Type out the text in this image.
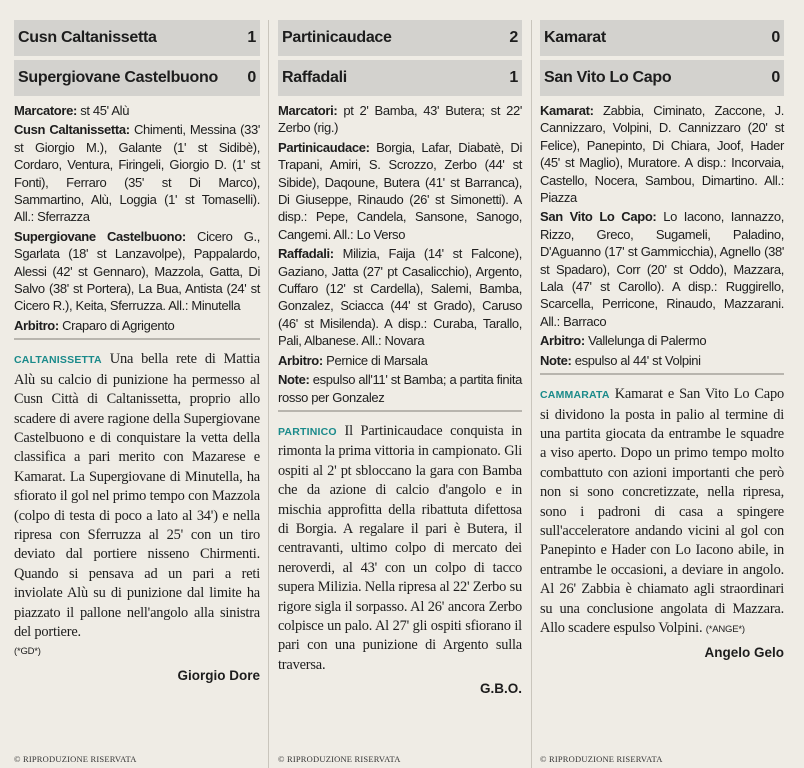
Cusn Caltanissetta	1
Supergiovane Castelbuono 0

Marcatore: st 45' Alù

Cusn Caltanissetta: Chimenti, Messina (33' st Giorgio M.), Galante (1' st Sidibè), Cordaro, Ventura, Firingeli, Giorgio D. (1' st Fonti), Ferraro (35' st Di Marco), Sammartino, Alù, Loggia (1' st Tomaselli). All.: Sferrazza

Supergiovane Castelbuono: Cicero G., Sgarlata (18' st Lanzavolpe), Pappalardo, Alessi (42' st Gennaro), Mazzola, Gatta, Di Salvo (38' st Portera), La Bua, Antista (24' st Cicero R.), Keita, Sferruzza. All.: Minutella

Arbitro: Craparo di Agrigento

CALTANISSETTA Una bella rete di Mattia Alù su calcio di punizione ha permesso al Cusn Città di Caltanissetta, proprio allo scadere di avere ragione della Supergiovane Castelbuono e di conquistare la vetta della classifica a pari merito con Mazarese e Kamarat. La Supergiovane di Minutella, ha sfiorato il gol nel primo tempo con Mazzola (colpo di testa di poco a lato al 34') e nella ripresa con Sferruzza al 25' con un tiro deviato dal portiere nisseno Chirmenti. Quando si pensava ad un pari a reti inviolate Alù su di punizione dal limite ha piazzato il pallone nell'angolo alla sinistra del portiere.
(*GD*)
Giorgio Dore
© RIPRODUZIONE RISERVATA
Partinicaudace	2
Raffadali	1

Marcatori: pt 2' Bamba, 43' Butera; st 22' Zerbo (rig.)

Partinicaudace: Borgia, Lafar, Diabatè, Di Trapani, Amiri, S. Scrozzo, Zerbo (44' st Sibide), Daqoune, Butera (41' st Barranca), Di Giuseppe, Rinaudo (26' st Simonetti). A disp.: Pepe, Candela, Sansone, Sanogo, Cangemi. All.: Lo Verso

Raffadali: Milizia, Faija (14' st Falcone), Gaziano, Jatta (27' pt Casalicchio), Argento, Cuffaro (12' st Cardella), Salemi, Bamba, Gonzalez, Sciacca (44' st Grado), Caruso (46' st Misilenda). A disp.: Curaba, Tarallo, Pali, Albanese. All.: Novara

Arbitro: Pernice di Marsala

Note: espulso all'11' st Bamba; a partita finita rosso per Gonzalez

PARTINICO Il Partinicaudace conquista in rimonta la prima vittoria in campionato. Gli ospiti al 2' pt sbloccano la gara con Bamba che da azione di calcio d'angolo e in mischia approfitta della ribattuta difettosa di Borgia. A regalare il pari è Butera, il centravanti, ultimo colpo di mercato dei neroverdi, al 43' con un colpo di tacco supera Milizia. Nella ripresa al 22' Zerbo su rigore sigla il sorpasso. Al 26' ancora Zerbo colpisce un palo. Al 27' gli ospiti sfiorano il pari con una punizione di Argento sulla traversa.
G.B.O.
© RIPRODUZIONE RISERVATA
Kamarat	0
San Vito Lo Capo	0

Kamarat: Zabbia, Ciminato, Zaccone, J. Cannizzaro, Volpini, D. Cannizzaro (20' st Felice), Panepinto, Di Chiara, Joof, Hader (45' st Maglio), Muratore. A disp.: Incorvaia, Castello, Nocera, Sambou, Dimartino. All.: Piazza

San Vito Lo Capo: Lo Iacono, Iannazzo, Rizzo, Greco, Sugameli, Paladino, D'Aguanno (17' st Gammicchia), Agnello (38' st Spadaro), Corr (20' st Oddo), Mazzara, Lala (47' st Carollo). A disp.: Ruggirello, Scarcella, Perricone, Rinaudo, Mazzarani. All.: Barraco

Arbitro: Vallelunga di Palermo

Note: espulso al 44' st Volpini

CAMMARATA Kamarat e San Vito Lo Capo si dividono la posta in palio al termine di una partita giocata da entrambe le squadre a viso aperto. Dopo un primo tempo molto combattuto con azioni importanti che però non si sono concretizzate, nella ripresa, sono i padroni di casa a spingere sull'acceleratore andando vicini al gol con Panepinto e Hader con Lo Iacono abile, in entrambe le occasioni, a deviare in angolo. Al 26' Zabbia è chiamato agli straordinari su una conclusione angolata di Mazzara. Allo scadere espulso Volpini. (*ANGE*)
Angelo Gelo
© RIPRODUZIONE RISERVATA
